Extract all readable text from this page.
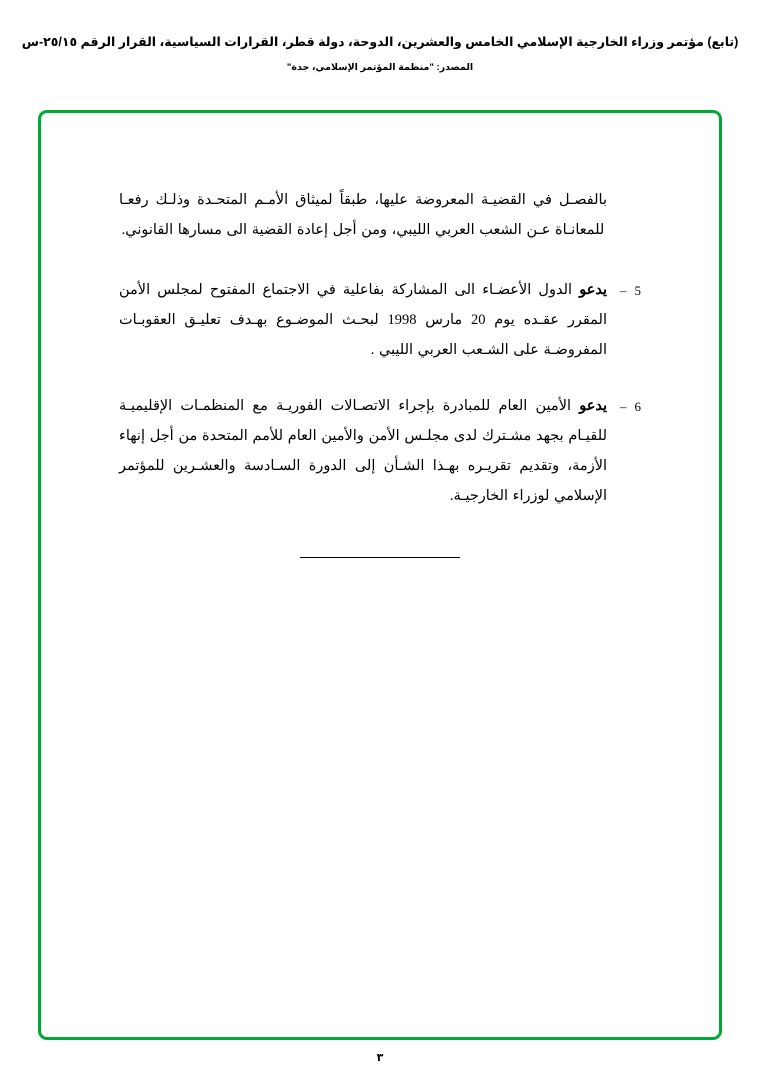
(تابع) مؤتمر وزراء الخارجية الإسلامي الخامس والعشرين، الدوحة، دولة قطر، القرارات السياسية، القرار الرقم ٢٥/١٥-س
المصدر: "منظمة المؤتمر الإسلامي، جدة"
بالفصـل في القضيـة المعروضة عليها، طبقاً لميثاق الأمـم المتحـدة وذلـك رفعـا للمعانـاة عـن الشعب العربي الليبي، ومن أجل إعادة القضية الى مسارها القانوني.
5–
يدعو الدول الأعضـاء الى المشاركة بفاعلية في الاجتماع المفتوح لمجلس الأمن المقرر عقـده يوم 20 مارس 1998 لبحـث الموضـوع بهـدف تعليـق العقوبـات المفروضـة على الشـعب العربي الليبي .
6–
يدعو الأمين العام للمبادرة بإجراء الاتصـالات الفوريـة مع المنظمـات الإقليميـة للقيـام بجهد مشـترك لدى مجلـس الأمن والأمين العام للأمم المتحدة من أجل إنهاء الأزمة، وتقديم تقريـره بهـذا الشـأن إلى الدورة السـادسة والعشـرين للمؤتمر الإسلامي لوزراء الخارجيـة.
٣
